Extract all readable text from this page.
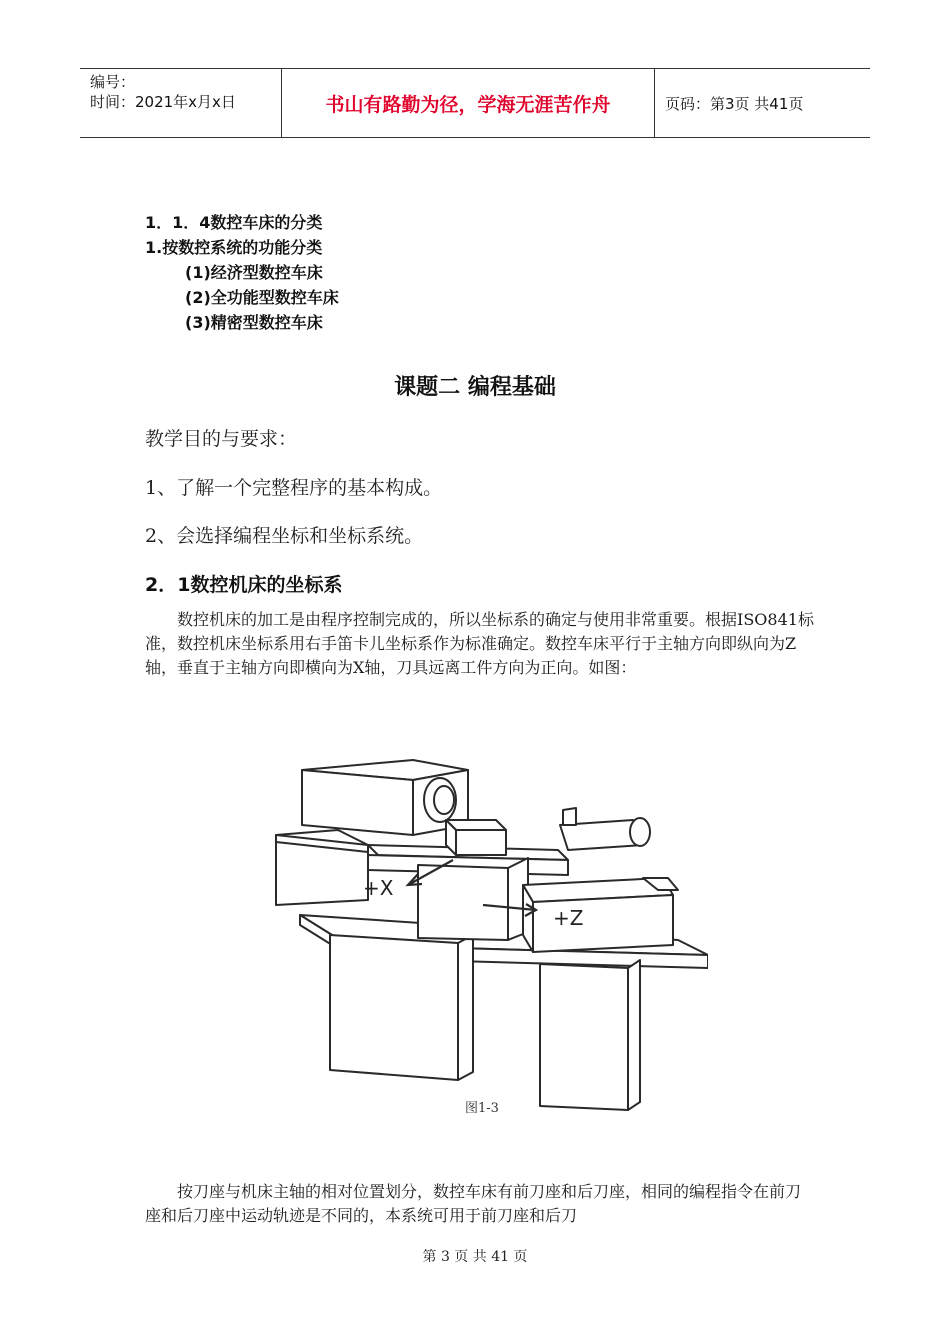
编号：
时间：2021年x月x日	书山有路勤为径，学海无涯苦作舟	页码：第3页 共41页
1．1．4数控车床的分类
1.按数控系统的功能分类
(1)经济型数控车床
(2)全功能型数控车床
(3)精密型数控车床
课题二 编程基础
教学目的与要求：
1、了解一个完整程序的基本构成。
2、会选择编程坐标和坐标系统。
2．1数控机床的坐标系

数控机床的加工是由程序控制完成的，所以坐标系的确定与使用非常重要。根据ISO841标准，数控机床坐标系用右手笛卡儿坐标系作为标准确定。数控车床平行于主轴方向即纵向为Z轴，垂直于主轴方向即横向为X轴，刀具远离工件方向为正向。如图：

+X
+Z
图1-3

按刀座与机床主轴的相对位置划分，数控车床有前刀座和后刀座，相同的编程指令在前刀座和后刀座中运动轨迹是不同的，本系统可用于前刀座和后刀

第 3 页 共 41 页
